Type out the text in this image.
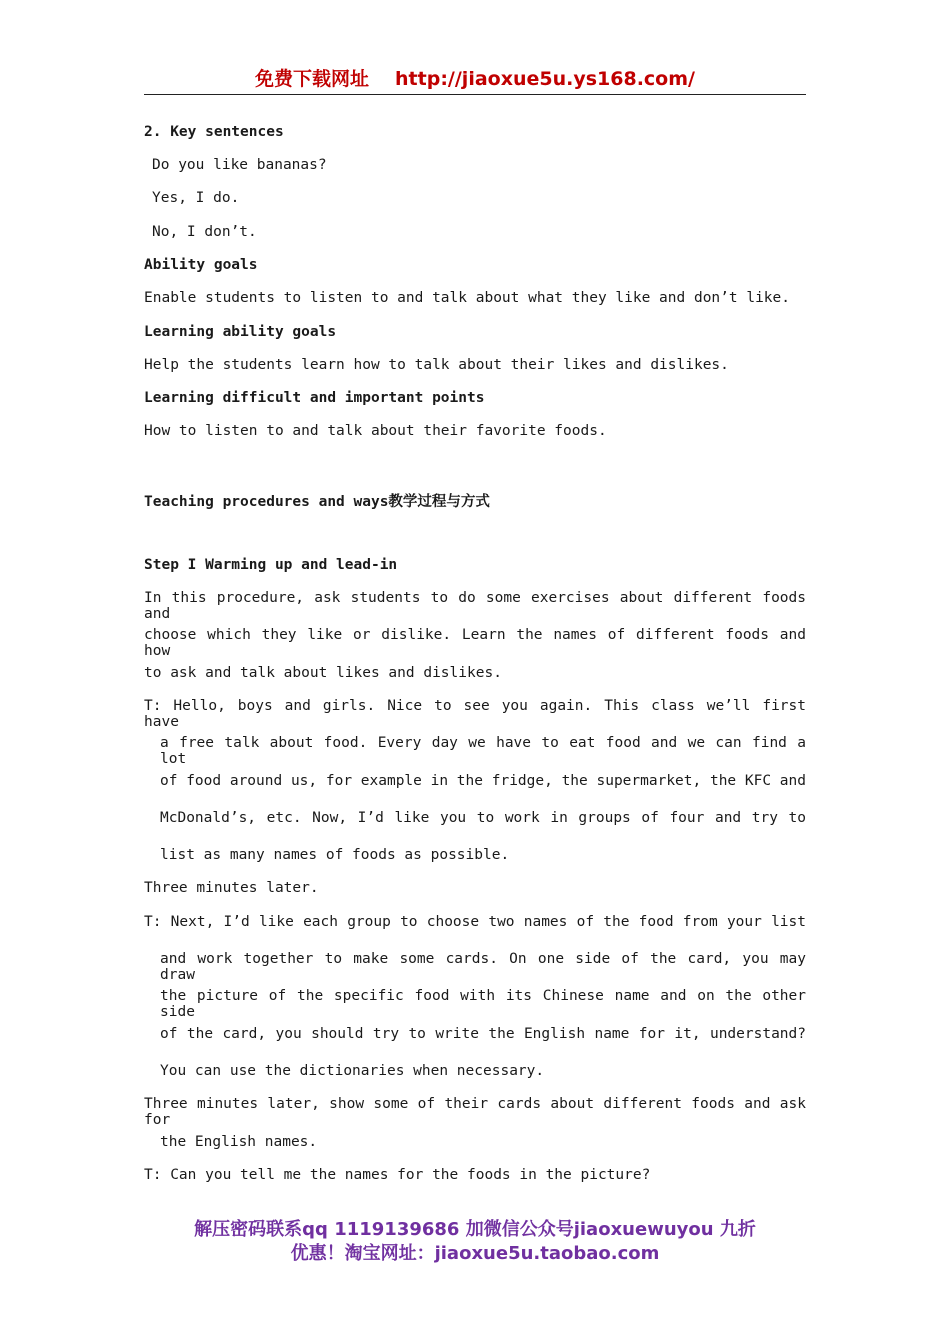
免费下载网址 http://jiaoxue5u.ys168.com/
2. Key sentences
Do you like bananas?
Yes, I do.
No, I don’t.
Ability goals
Enable students to listen to and talk about what they like and don’t like.
Learning ability goals
Help the students learn how to talk about their likes and dislikes.
Learning difficult and important points
How to listen to and talk about their favorite foods.
Teaching procedures and ways教学过程与方式
Step I Warming up and lead-in
In this procedure, ask students to do some exercises about different foods and
choose which they like or dislike. Learn the names of different foods and how
to ask and talk about likes and dislikes.
T: Hello, boys and girls. Nice to see you again. This class we’ll first have
a free talk about food. Every day we have to eat food and we can find a lot
of food around us, for example in the fridge, the supermarket, the KFC and
McDonald’s, etc. Now, I’d like you to work in groups of four and try to
list as many names of foods as possible.
Three minutes later.
T: Next, I’d like each group to choose two names of the food from your list
and work together to make some cards. On one side of the card, you may draw
the picture of the specific food with its Chinese name and on the other side
of the card, you should try to write the English name for it, understand?
You can use the dictionaries when necessary.
Three minutes later, show some of their cards about different foods and ask for
the English names.
T: Can you tell me the names for the foods in the picture?
解压密码联系qq 1119139686 加微信公众号jiaoxuewuyou 九折
优惠！淘宝网址：jiaoxue5u.taobao.com
